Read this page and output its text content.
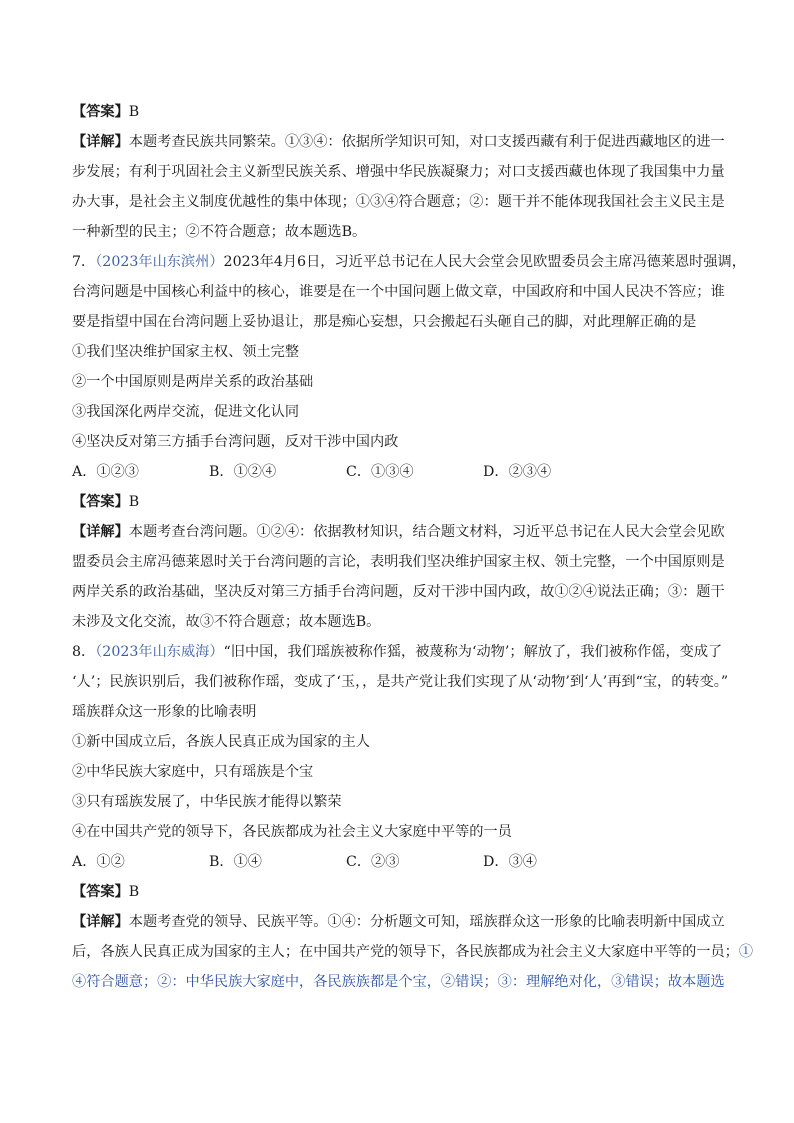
【答案】B
【详解】本题考查民族共同繁荣。①③④：依据所学知识可知，对口支援西藏有利于促进西藏地区的进一
步发展；有利于巩固社会主义新型民族关系、增强中华民族凝聚力；对口支援西藏也体现了我国集中力量
办大事，是社会主义制度优越性的集中体现；①③④符合题意；②：题干并不能体现我国社会主义民主是
一种新型的民主；②不符合题意；故本题选B。
7．（2023年山东滨州）2023年4月6日，习近平总书记在人民大会堂会见欧盟委员会主席冯德莱恩时强调，
台湾问题是中国核心利益中的核心，谁要是在一个中国问题上做文章，中国政府和中国人民决不答应；谁
要是指望中国在台湾问题上妥协退让，那是痴心妄想，只会搬起石头砸自己的脚，对此理解正确的是
①我们坚决维护国家主权、领土完整
②一个中国原则是两岸关系的政治基础
③我国深化两岸交流，促进文化认同
④坚决反对第三方插手台湾问题，反对干涉中国内政
A．①②③	B．①②④	C．①③④	D．②③④
【答案】B
【详解】本题考查台湾问题。①②④：依据教材知识，结合题文材料，习近平总书记在人民大会堂会见欧
盟委员会主席冯德莱恩时关于台湾问题的言论，表明我们坚决维护国家主权、领土完整，一个中国原则是
两岸关系的政治基础，坚决反对第三方插手台湾问题，反对干涉中国内政，故①②④说法正确；③：题干
未涉及文化交流，故③不符合题意；故本题选B。
8．（2023年山东威海）“旧中国，我们瑶族被称作猺，被蔑称为‘动物’；解放了，我们被称作傜，变成了
‘人’；民族识别后，我们被称作瑶，变成了‘玉，，是共产党让我们实现了从‘动物’到‘人’再到“宝，的转变。”
瑶族群众这一形象的比喻表明
①新中国成立后，各族人民真正成为国家的主人
②中华民族大家庭中，只有瑶族是个宝
③只有瑶族发展了，中华民族才能得以繁荣
④在中国共产党的领导下，各民族都成为社会主义大家庭中平等的一员
A．①②	B．①④	C．②③	D．③④
【答案】B
【详解】本题考查党的领导、民族平等。①④：分析题文可知，瑶族群众这一形象的比喻表明新中国成立
后，各族人民真正成为国家的主人；在中国共产党的领导下，各民族都成为社会主义大家庭中平等的一员；①
④符合题意；②：中华民族大家庭中，各民族族都是个宝，②错误；③：理解绝对化，③错误；故本题选
